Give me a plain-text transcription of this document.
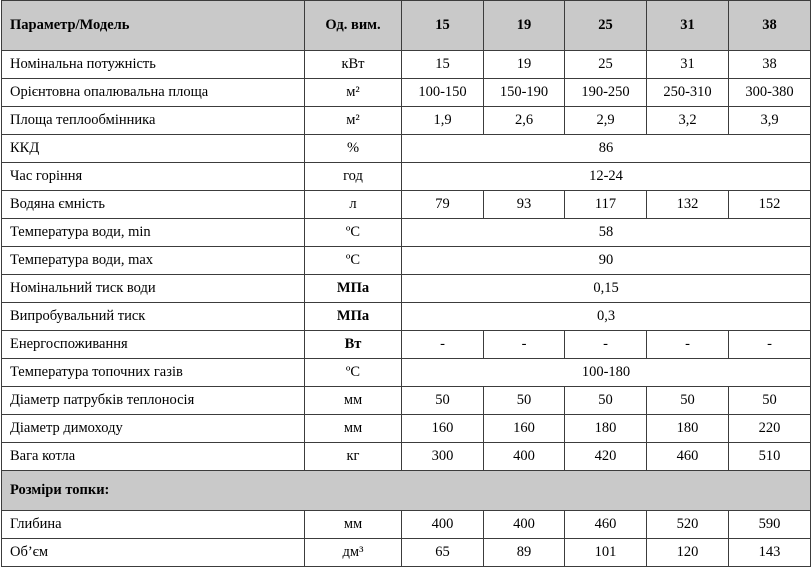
Параметр/Модель	Од. вим.	15	19	25	31	38
Номінальна потужність	кВт	15	19	25	31	38
Орієнтовна опалювальна площа	м²	100-150	150-190	190-250	250-310	300-380
Площа теплообмінника	м²	1,9	2,6	2,9	3,2	3,9
ККД	%	86				
Час горіння	год	12-24				
Водяна ємність	л	79	93	117	132	152
Температура води, min	ºC	58				
Температура води, max	ºC	90				
Номінальний тиск води	МПа	0,15				
Випробувальний тиск	МПа	0,3				
Енергоспоживання	Вт	-	-	-	-	-
Температура топочних газів	ºC	100-180				
Діаметр патрубків теплоносія	мм	50	50	50	50	50
Діаметр димоходу	мм	160	160	180	180	220
Вага котла	кг	300	400	420	460	510
Розміри топки:						
Глибина	мм	400	400	460	520	590
Об’єм	дм³	65	89	101	120	143
